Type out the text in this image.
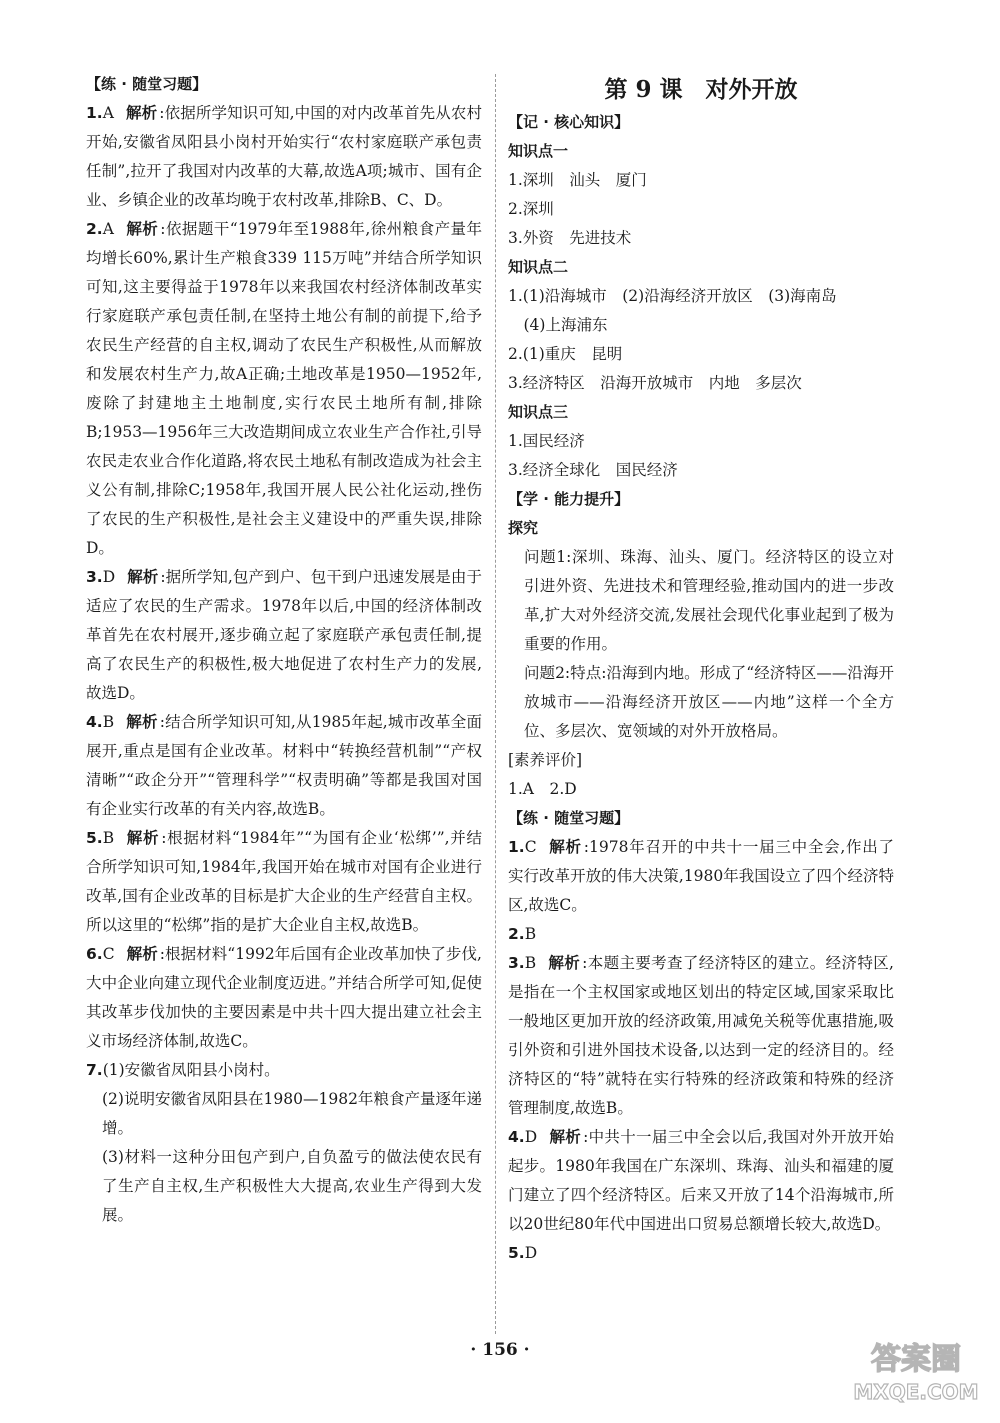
【练 · 随堂习题】

1.A 解析 :依据所学知识可知,中国的对内改革首先从农村开始,安徽省凤阳县小岗村开始实行“农村家庭联产承包责任制”,拉开了我国对内改革的大幕,故选A项;城市、国有企业、乡镇企业的改革均晚于农村改革,排除B、C、D。

2.A 解析 :依据题干“1979年至1988年,徐州粮食产量年均增长60%,累计生产粮食339 115万吨”并结合所学知识可知,这主要得益于1978年以来我国农村经济体制改革实行家庭联产承包责任制,在坚持土地公有制的前提下,给予农民生产经营的自主权,调动了农民生产积极性,从而解放和发展农村生产力,故A正确;土地改革是1950—1952年,废除了封建地主土地制度,实行农民土地所有制,排除B;1953—1956年三大改造期间成立农业生产合作社,引导农民走农业合作化道路,将农民土地私有制改造成为社会主义公有制,排除C;1958年,我国开展人民公社化运动,挫伤了农民的生产积极性,是社会主义建设中的严重失误,排除D。

3.D 解析 :据所学知,包产到户、包干到户迅速发展是由于适应了农民的生产需求。1978年以后,中国的经济体制改革首先在农村展开,逐步确立起了家庭联产承包责任制,提高了农民生产的积极性,极大地促进了农村生产力的发展,故选D。

4.B 解析 :结合所学知识可知,从1985年起,城市改革全面展开,重点是国有企业改革。材料中“转换经营机制”“产权清晰”“政企分开”“管理科学”“权责明确”等都是我国对国有企业实行改革的有关内容,故选B。

5.B 解析 :根据材料“1984年”“为国有企业‘松绑’”,并结合所学知识可知,1984年,我国开始在城市对国有企业进行改革,国有企业改革的目标是扩大企业的生产经营自主权。所以这里的“松绑”指的是扩大企业自主权,故选B。

6.C 解析 :根据材料“1992年后国有企业改革加快了步伐,大中企业向建立现代企业制度迈进。”并结合所学可知,促使其改革步伐加快的主要因素是中共十四大提出建立社会主义市场经济体制,故选C。

7.(1)安徽省凤阳县小岗村。

(2)说明安徽省凤阳县在1980—1982年粮食产量逐年递增。

(3)材料一这种分田包产到户,自负盈亏的做法使农民有了生产自主权,生产积极性大大提高,农业生产得到大发展。

第 9 课　对外开放
【记 · 核心知识】
知识点一

1.深圳　汕头　厦门

2.深圳

3.外资　先进技术

知识点二

1.(1)沿海城市　(2)沿海经济开放区　(3)海南岛

　(4)上海浦东

2.(1)重庆　昆明

3.经济特区　沿海开放城市　内地　多层次

知识点三

1.国民经济

3.经济全球化　国民经济

【学 · 能力提升】
探究

问题1:深圳、珠海、汕头、厦门。经济特区的设立对引进外资、先进技术和管理经验,推动国内的进一步改革,扩大对外经济交流,发展社会现代化事业起到了极为重要的作用。

问题2:特点:沿海到内地。形成了“经济特区——沿海开放城市——沿海经济开放区——内地”这样一个全方位、多层次、宽领域的对外开放格局。

[素养评价]

1.A　2.D

【练 · 随堂习题】

1.C 解析 :1978年召开的中共十一届三中全会,作出了实行改革开放的伟大决策,1980年我国设立了四个经济特区,故选C。

2.B

3.B 解析 :本题主要考查了经济特区的建立。经济特区,是指在一个主权国家或地区划出的特定区域,国家采取比一般地区更加开放的经济政策,用减免关税等优惠措施,吸引外资和引进外国技术设备,以达到一定的经济目的。经济特区的“特”就特在实行特殊的经济政策和特殊的经济管理制度,故选B。

4.D 解析 :中共十一届三中全会以后,我国对外开放开始起步。1980年我国在广东深圳、珠海、汕头和福建的厦门建立了四个经济特区。后来又开放了14个沿海城市,所以20世纪80年代中国进出口贸易总额增长较大,故选D。

5.D

· 156 ·	答案圈
MXQE.COM
